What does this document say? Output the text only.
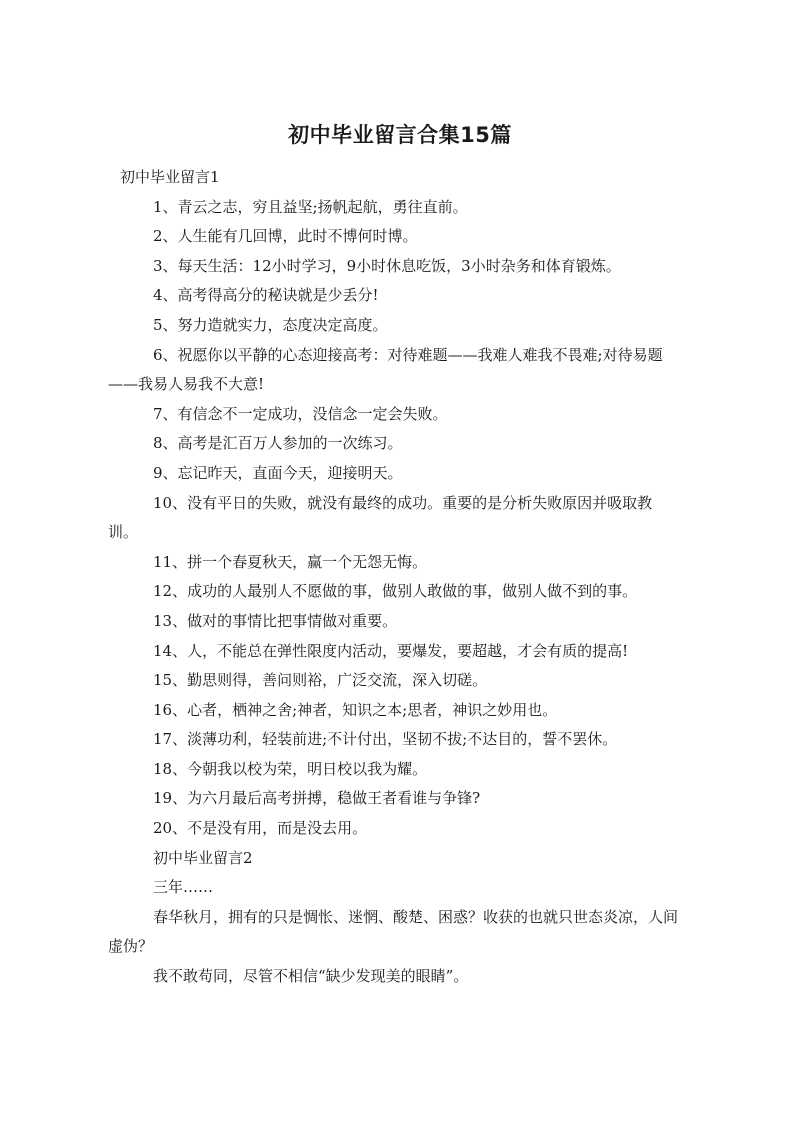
初中毕业留言合集15篇

初中毕业留言1

1、青云之志，穷且益坚;扬帆起航，勇往直前。

2、人生能有几回博，此时不博何时博。

3、每天生活：12小时学习，9小时休息吃饭，3小时杂务和体育锻炼。

4、高考得高分的秘诀就是少丢分!

5、努力造就实力，态度决定高度。

6、祝愿你以平静的心态迎接高考：对待难题——我难人难我不畏难;对待易题——我易人易我不大意!

7、有信念不一定成功，没信念一定会失败。

8、高考是汇百万人参加的一次练习。

9、忘记昨天，直面今天，迎接明天。

10、没有平日的失败，就没有最终的成功。重要的是分析失败原因并吸取教训。

11、拼一个春夏秋天，赢一个无怨无悔。

12、成功的人最别人不愿做的事，做别人敢做的事，做别人做不到的事。

13、做对的事情比把事情做对重要。

14、人，不能总在弹性限度内活动，要爆发，要超越，才会有质的提高!

15、勤思则得，善问则裕，广泛交流，深入切磋。

16、心者，栖神之舍;神者，知识之本;思者，神识之妙用也。

17、淡薄功利，轻装前进;不计付出，坚韧不拔;不达目的，誓不罢休。

18、今朝我以校为荣，明日校以我为耀。

19、为六月最后高考拼搏，稳做王者看谁与争锋?

20、不是没有用，而是没去用。

初中毕业留言2

三年……

春华秋月，拥有的只是惆怅、迷惘、酸楚、困惑？收获的也就只世态炎凉，人间虚伪？

我不敢苟同，尽管不相信“缺少发现美的眼睛”。
